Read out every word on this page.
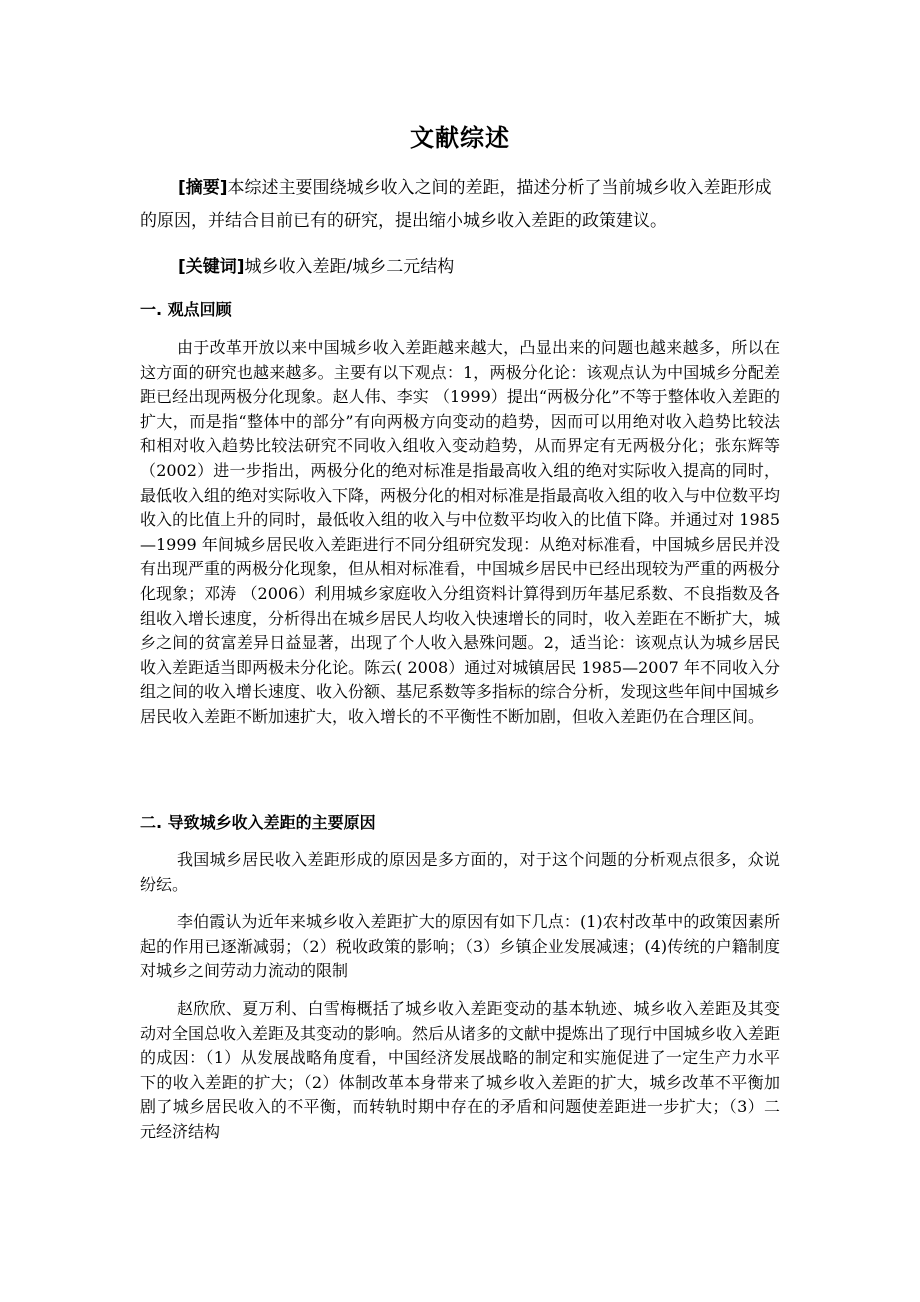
文献综述
[摘要]本综述主要围绕城乡收入之间的差距，描述分析了当前城乡收入差距形成的原因，并结合目前已有的研究，提出缩小城乡收入差距的政策建议。
[关键词]城乡收入差距/城乡二元结构
一. 观点回顾
由于改革开放以来中国城乡收入差距越来越大，凸显出来的问题也越来越多，所以在这方面的研究也越来越多。主要有以下观点：1，两极分化论：该观点认为中国城乡分配差距已经出现两极分化现象。赵人伟、李实 （1999）提出“两极分化”不等于整体收入差距的扩大，而是指“整体中的部分”有向两极方向变动的趋势，因而可以用绝对收入趋势比较法和相对收入趋势比较法研究不同收入组收入变动趋势，从而界定有无两极分化；张东辉等（2002）进一步指出，两极分化的绝对标准是指最高收入组的绝对实际收入提高的同时，最低收入组的绝对实际收入下降，两极分化的相对标准是指最高收入组的收入与中位数平均收入的比值上升的同时，最低收入组的收入与中位数平均收入的比值下降。并通过对 1985—1999 年间城乡居民收入差距进行不同分组研究发现：从绝对标准看，中国城乡居民并没有出现严重的两极分化现象，但从相对标准看，中国城乡居民中已经出现较为严重的两极分化现象；邓涛 （2006）利用城乡家庭收入分组资料计算得到历年基尼系数、不良指数及各组收入增长速度，分析得出在城乡居民人均收入快速增长的同时，收入差距在不断扩大，城乡之间的贫富差异日益显著，出现了个人收入悬殊问题。2，适当论：该观点认为城乡居民收入差距适当即两极未分化论。陈云( 2008）通过对城镇居民 1985—2007 年不同收入分组之间的收入增长速度、收入份额、基尼系数等多指标的综合分析，发现这些年间中国城乡居民收入差距不断加速扩大，收入增长的不平衡性不断加剧，但收入差距仍在合理区间。
二. 导致城乡收入差距的主要原因
我国城乡居民收入差距形成的原因是多方面的，对于这个问题的分析观点很多，众说纷纭。
李伯霞认为近年来城乡收入差距扩大的原因有如下几点：(1)农村改革中的政策因素所起的作用已逐渐减弱；（2）税收政策的影响；（3）乡镇企业发展减速；(4)传统的户籍制度对城乡之间劳动力流动的限制
赵欣欣、夏万利、白雪梅概括了城乡收入差距变动的基本轨迹、城乡收入差距及其变动对全国总收入差距及其变动的影响。然后从诸多的文献中提炼出了现行中国城乡收入差距的成因：（1）从发展战略角度看，中国经济发展战略的制定和实施促进了一定生产力水平下的收入差距的扩大；（2）体制改革本身带来了城乡收入差距的扩大，城乡改革不平衡加剧了城乡居民收入的不平衡，而转轨时期中存在的矛盾和问题使差距进一步扩大；（3）二元经济结构
